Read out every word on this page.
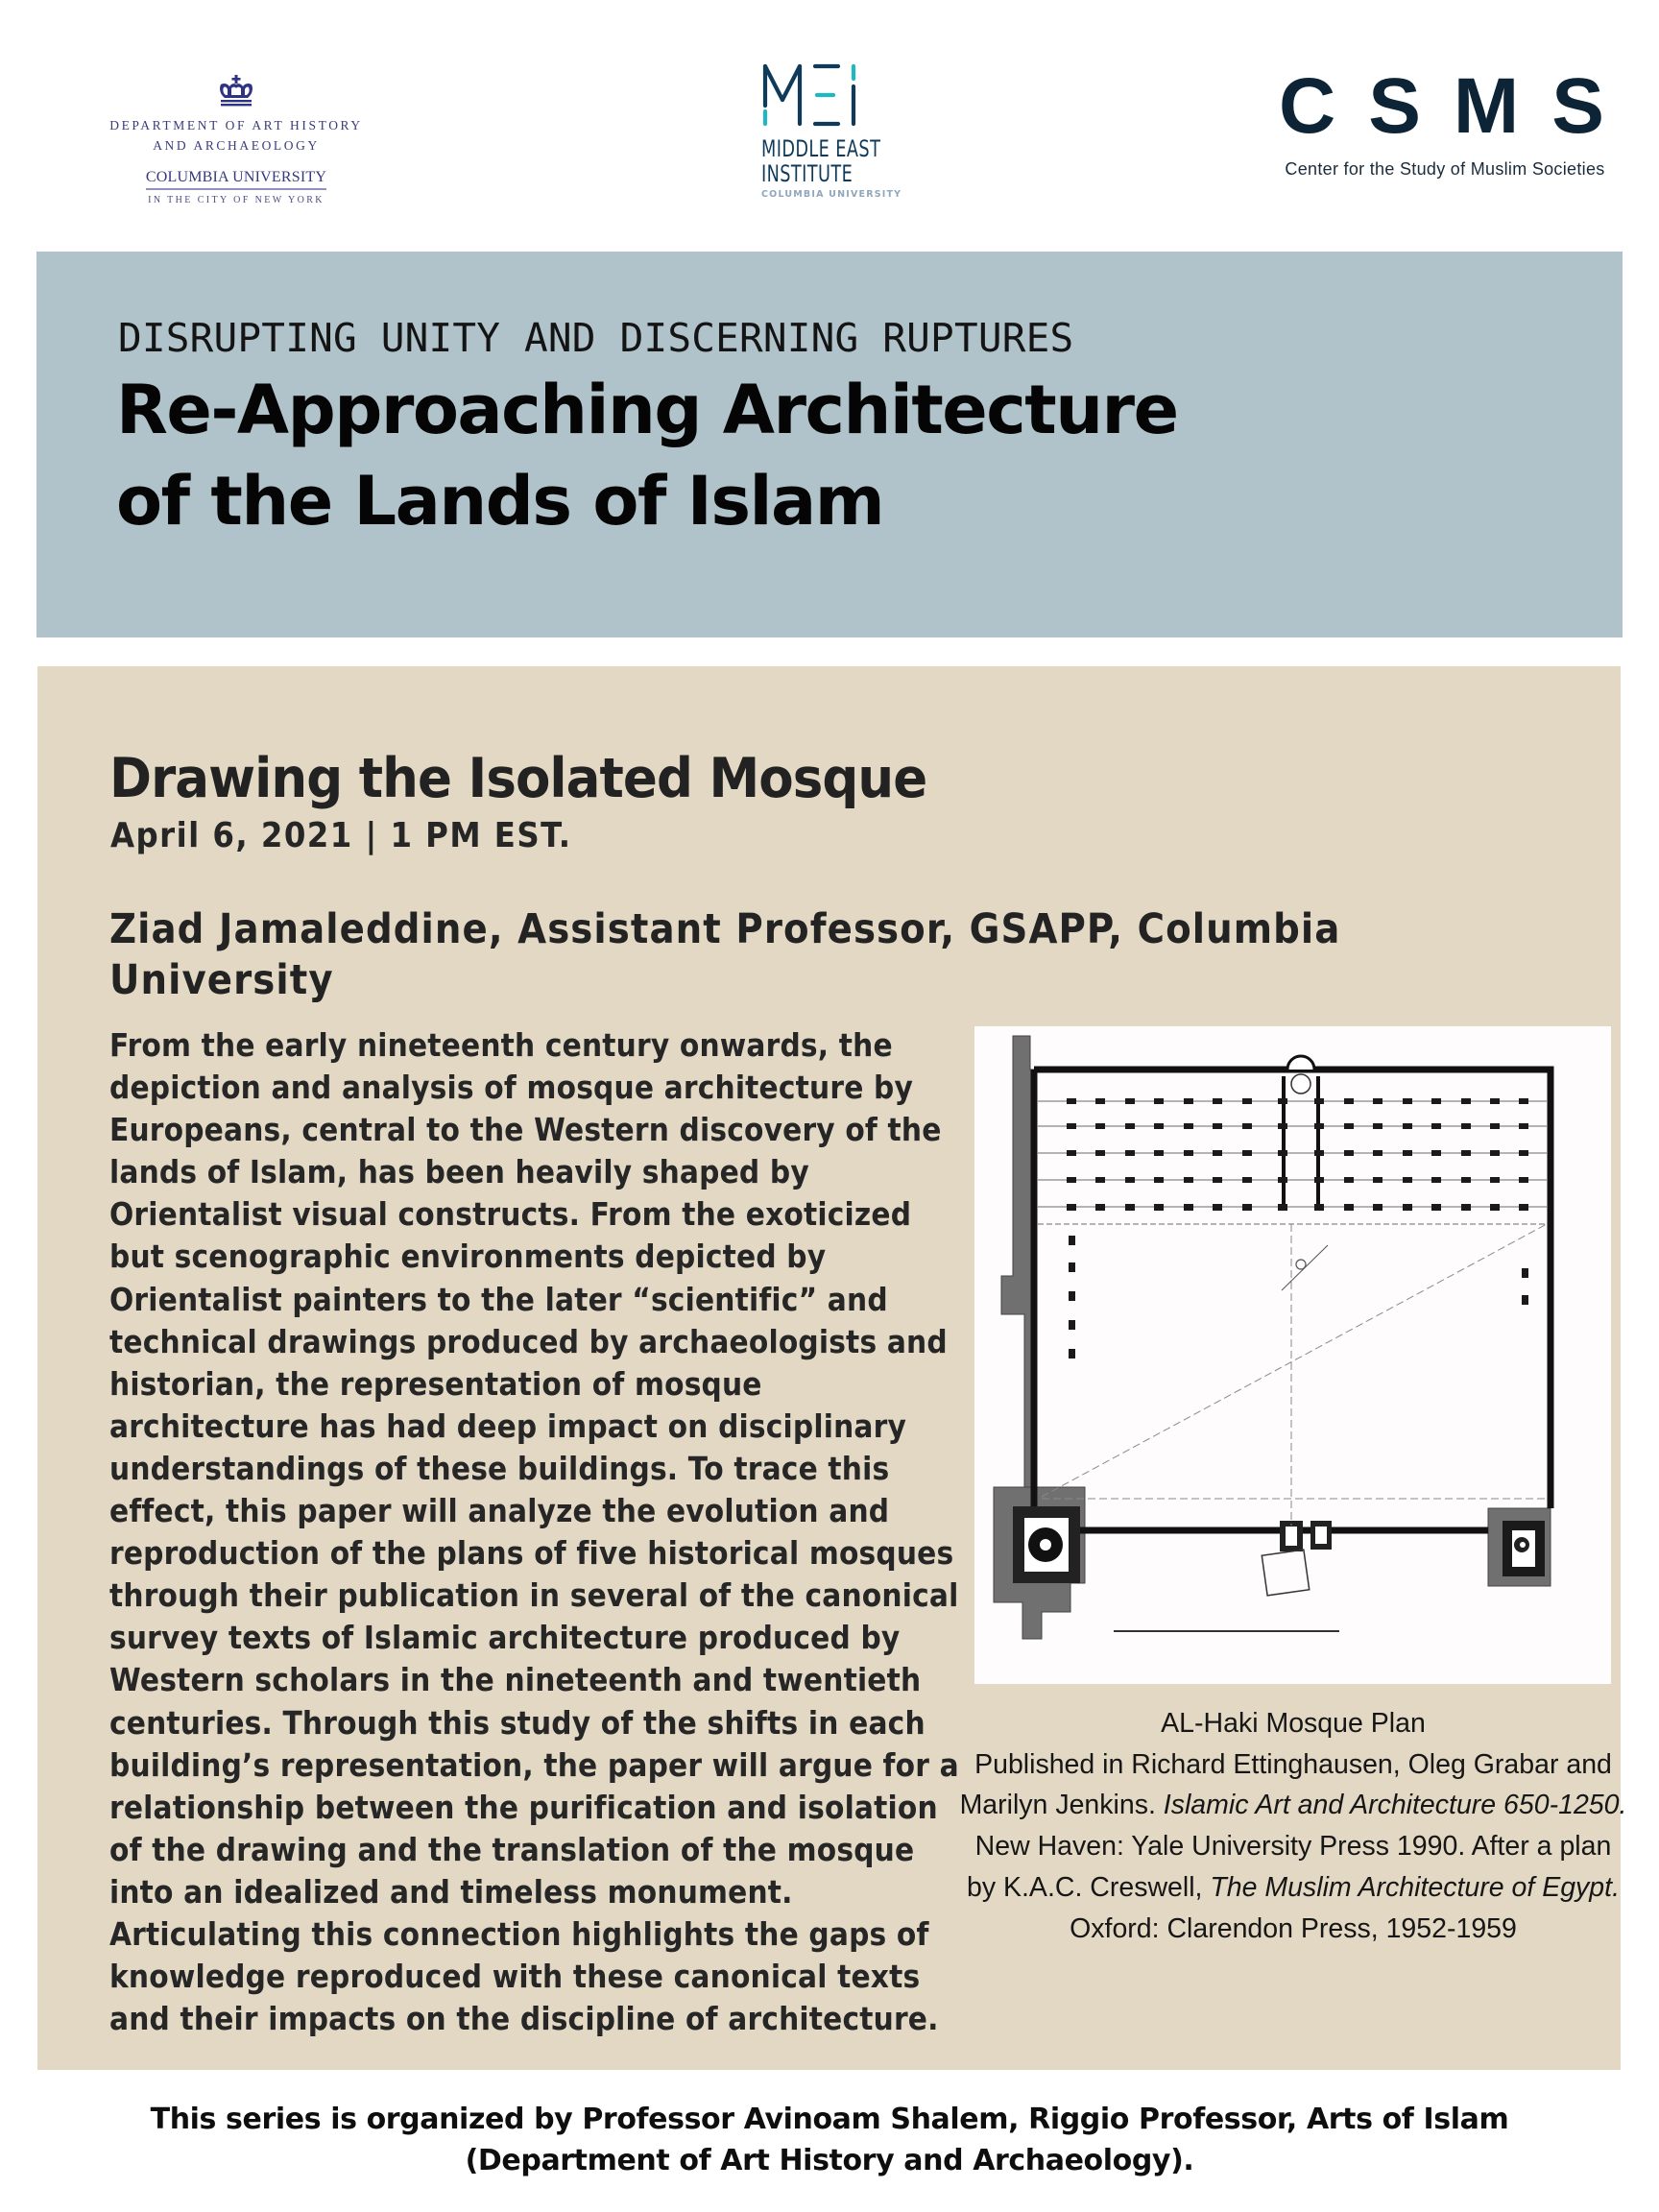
DEPARTMENT OF ART HISTORY
AND ARCHAEOLOGY
COLUMBIA UNIVERSITY
IN THE CITY OF NEW YORK
MIDDLE EAST
INSTITUTE
COLUMBIA UNIVERSITY
CSMS
Center for the Study of Muslim Societies
DISRUPTING UNITY AND DISCERNING RUPTURES
Re-Approaching Architecture
of the Lands of Islam
Drawing the Isolated Mosque
April 6, 2021 | 1 PM EST.
Ziad Jamaleddine, Assistant Professor, GSAPP, Columbia University
From the early nineteenth century onwards, the depiction and analysis of mosque architecture by Europeans, central to the Western discovery of the lands of Islam, has been heavily shaped by Orientalist visual constructs. From the exoticized but scenographic environments depicted by Orientalist painters to the later “scientific” and technical drawings produced by archaeologists and historian, the representation of mosque architecture has had deep impact on disciplinary understandings of these buildings. To trace this effect, this paper will analyze the evolution and reproduction of the plans of five historical mosques through their publication in several of the canonical survey texts of Islamic architecture produced by Western scholars in the nineteenth and twentieth centuries. Through this study of the shifts in each building’s representation, the paper will argue for a relationship between the purification and isolation of the drawing and the translation of the mosque into an idealized and timeless monument. Articulating this connection highlights the gaps of knowledge reproduced with these canonical texts and their impacts on the discipline of architecture.
AL-Haki Mosque Plan
Published in Richard Ettinghausen, Oleg Grabar and Marilyn Jenkins. Islamic Art and Architecture 650-1250. New Haven: Yale University Press 1990. After a plan by K.A.C. Creswell, The Muslim Architecture of Egypt. Oxford: Clarendon Press, 1952-1959
This series is organized by Professor Avinoam Shalem, Riggio Professor, Arts of Islam (Department of Art History and Archaeology).
